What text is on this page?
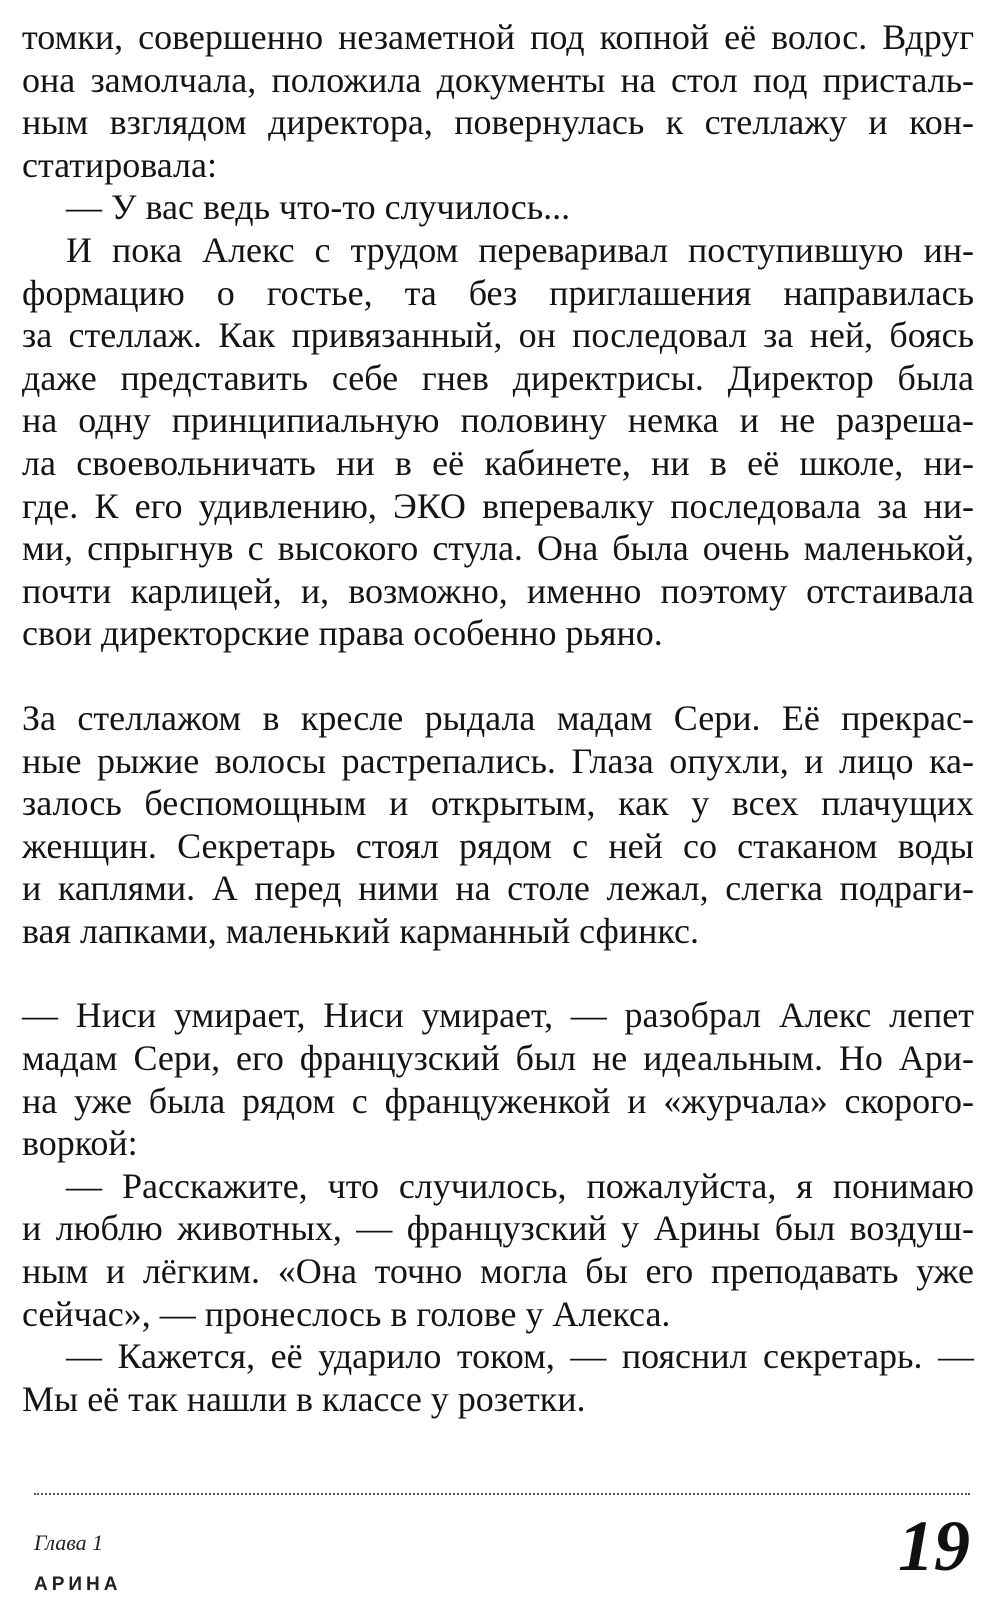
томки, совершенно незаметной под копной её волос. Вдруг
она замолчала, положила документы на стол под присталь-
ным взглядом директора, повернулась к стеллажу и кон-
статировала:

— У вас ведь что-то случилось...

И пока Алекс с трудом переваривал поступившую ин-
формацию о гостье, та без приглашения направилась
за стеллаж. Как привязанный, он последовал за ней, боясь
даже представить себе гнев директрисы. Директор была
на одну принципиальную половину немка и не разреша-
ла своевольничать ни в её кабинете, ни в её школе, ни-
где. К его удивлению, ЭКО вперевалку последовала за ни-
ми, спрыгнув с высокого стула. Она была очень маленькой,
почти карлицей, и, возможно, именно поэтому отстаивала
свои директорские права особенно рьяно.

За стеллажом в кресле рыдала мадам Сери. Её прекрас-
ные рыжие волосы растрепались. Глаза опухли, и лицо ка-
залось беспомощным и открытым, как у всех плачущих
женщин. Секретарь стоял рядом с ней со стаканом воды
и каплями. А перед ними на столе лежал, слегка подраги-
вая лапками, маленький карманный сфинкс.

— Ниси умирает, Ниси умирает, — разобрал Алекс лепет
мадам Сери, его французский был не идеальным. Но Ари-
на уже была рядом с француженкой и «журчала» скорого-
воркой:

— Расскажите, что случилось, пожалуйста, я понимаю
и люблю животных, — французский у Арины был воздуш-
ным и лёгким. «Она точно могла бы его преподавать уже
сейчас», — пронеслось в голове у Алекса.

— Кажется, её ударило током, — пояснил секретарь. —
Мы её так нашли в классе у розетки.

Глава 1
АРИНА	19
